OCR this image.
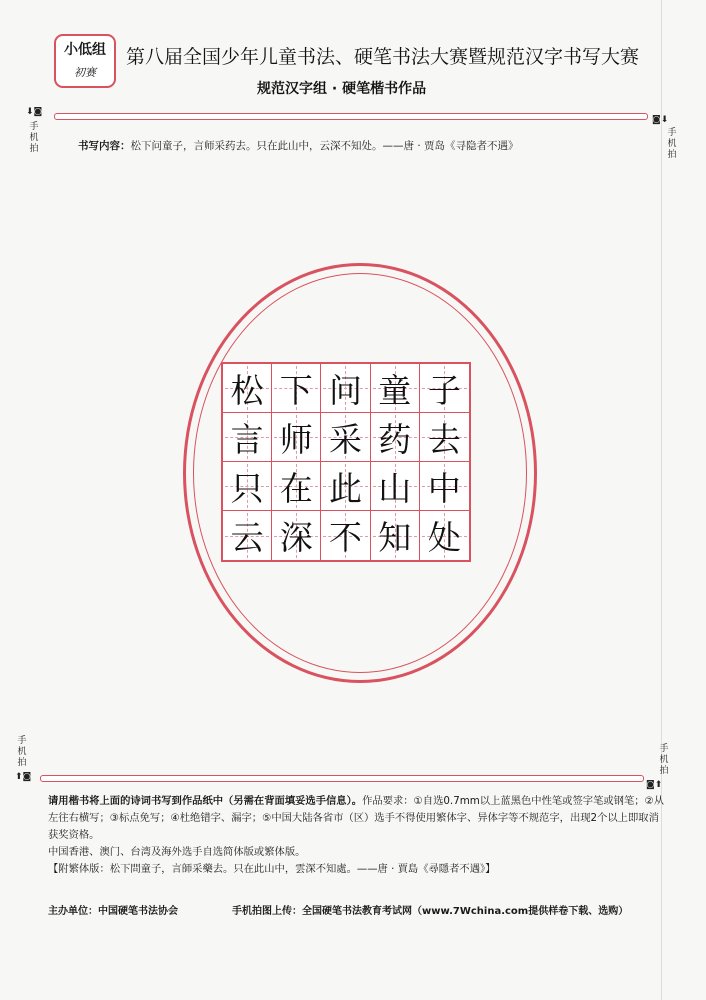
小低组
初赛
第八届全国少年儿童书法、硬笔书法大赛暨规范汉字书写大赛
规范汉字组 · 硬笔楷书作品
⬇◙
◙⬇
手机拍
手机拍
书写内容：松下问童子，言师采药去。只在此山中，云深不知处。——唐 · 贾岛《寻隐者不遇》
松 下 问 童 子
言 师 采 药 去
只 在 此 山 中
云 深 不 知 处
手机拍
手机拍
⬆◙
◙⬆
请用楷书将上面的诗词书写到作品纸中（另需在背面填妥选手信息）。作品要求：①自选0.7mm以上蓝黑色中性笔或签字笔或钢笔；②从左往右横写；③标点免写；④杜绝错字、漏字；⑤中国大陆各省市（区）选手不得使用繁体字、异体字等不规范字，出现2个以上即取消获奖资格。
中国香港、澳门、台湾及海外选手自选简体版或繁体版。
【附繁体版：松下問童子，言師采藥去。只在此山中，雲深不知處。——唐 · 賈島《尋隱者不遇》】
主办单位：中国硬笔书法协会	手机拍图上传：全国硬笔书法教育考试网（www.7Wchina.com提供样卷下载、选购）
